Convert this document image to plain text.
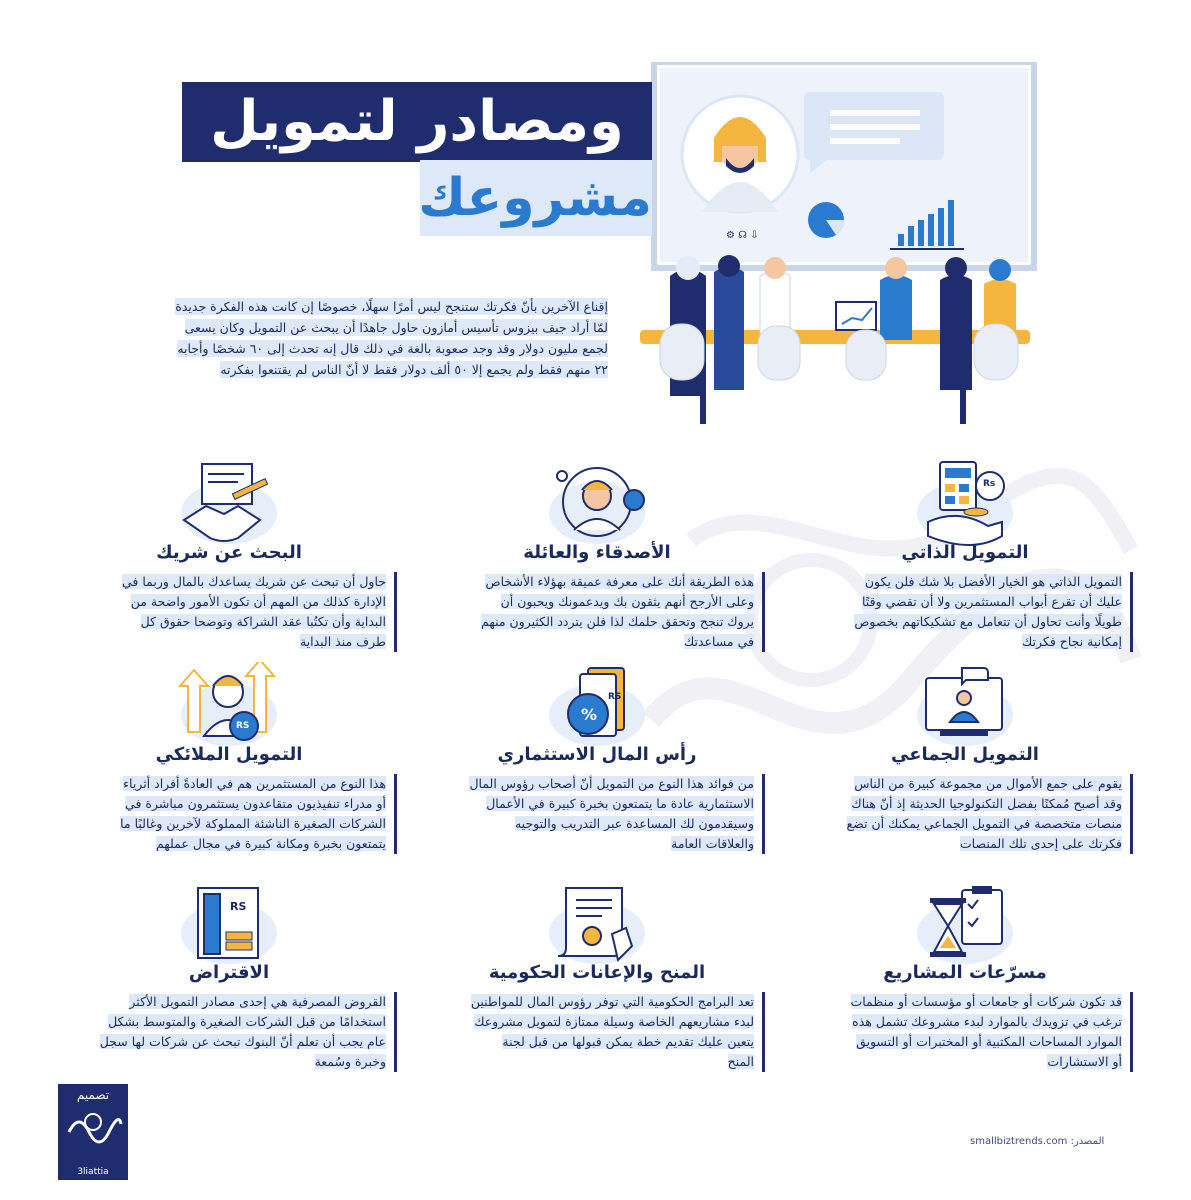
⚙ ☊ ⇩
ومصادر لتمويل
مشروعك
إقناع الآخرين بأنّ فكرتك ستنجح ليس أمرًا سهلًا، خصوصًا إن كانت هذه الفكرة جديدة
لمّا أراد جيف بيزوس تأسيس أمازون حاول جاهدًا أن يبحث عن التمويل وكان يسعى
لجمع مليون دولار وقد وجد صعوبة بالغة في ذلك قال إنه تحدث إلى ٦٠ شخصًا وأجابه
٢٢ منهم فقط ولم يجمع إلا ٥٠ ألف دولار فقط لا أنّ الناس لم يقتنعوا بفكرته
Rs
التمويل الذاتي

التمويل الذاتي هو الخيار الأفضل بلا شك فلن يكون
عليك أن تقرع أبواب المستثمرين ولا أن تقضي وقتًا
طويلًا وأنت تحاول أن تتعامل مع تشكيكاتهم بخصوص
إمكانية نجاح فكرتك

الأصدقاء والعائلة

هذه الطريقة أنك على معرفة عميقة بهؤلاء الأشخاص
وعلى الأرجح أنهم يثقون بك ويدعمونك ويحبون أن
يروك تنجح وتحقق حلمك لذا فلن يتردد الكثيرون منهم
في مساعدتك

البحث عن شريك

حاول أن تبحث عن شريك يساعدك بالمال وربما في
الإدارة كذلك من المهم أن تكون الأمور واضحة من
البداية وأن تكتُبا عقد الشراكة وتوضحا حقوق كل
طرف منذ البداية

التمويل الجماعي

يقوم على جمع الأموال من مجموعة كبيرة من الناس
وقد أصبح مُمكنًا بفضل التكنولوجيا الحديثة إذ أنّ هناك
منصات متخصصة في التمويل الجماعي يمكنك أن تضع
فكرتك على إحدى تلك المنصات

RS
%
رأس المال الاستثماري

من فوائد هذا النوع من التمويل أنّ أصحاب رؤوس المال
الاستثمارية عادة ما يتمتعون بخبرة كبيرة في الأعمال
وسيقدمون لك المساعدة عبر التدريب والتوجيه
والعلاقات العامة

RS
التمويل الملائكي

هذا النوع من المستثمرين هم في العادةً أفراد أثرياء
أو مدراء تنفيذيون متقاعدون يستثمرون مباشرة في
الشركات الصغيرة الناشئة المملوكة لآخرين وغالبًا ما
يتمتعون بخبرة ومكانة كبيرة في مجال عملهم

مسرّعات المشاريع

قد تكون شركات أو جامعات أو مؤسسات أو منظمات
ترغب في تزويدك بالموارد لبدء مشروعك تشمل هذه
الموارد المساحات المكتبية أو المختبرات أو التسويق
أو الاستشارات

المنح والإعانات الحكومية

تعد البرامج الحكومية التي توفر رؤوس المال للمواطنين
لبدء مشاريعهم الخاصة وسيلة ممتازة لتمويل مشروعك
يتعين عليك تقديم خطة يمكن قبولها من قبل لجنة
المنح

RS
الاقتراض

القروض المصرفية هي إحدى مصادر التمويل الأكثر
استخدامًا من قبل الشركات الصغيرة والمتوسط بشكل
عام يجب أن تعلم أنّ البنوك تبحث عن شركات لها سجل
وخبرة وسُمعة

المصدر: smallbiztrends.com
تصميم
3liattia
